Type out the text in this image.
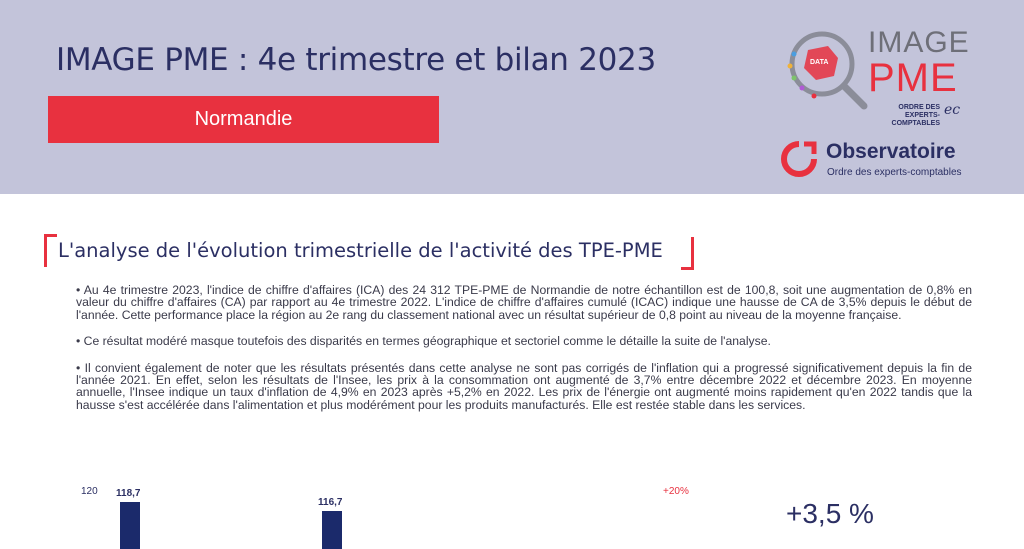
IMAGE PME : 4e trimestre et bilan 2023
Normandie
DATA
IMAGE
PME
ORDRE DES EXPERTS-COMPTABLES
ec
Observatoire
Ordre des experts-comptables
L'analyse de l'évolution trimestrielle de l'activité des TPE-PME

• Au 4e trimestre 2023, l'indice de chiffre d'affaires (ICA) des 24 312 TPE-PME de Normandie de notre échantillon est de 100,8, soit une augmentation de 0,8% en valeur du chiffre d'affaires (CA) par rapport au 4e trimestre 2022. L'indice de chiffre d'affaires cumulé (ICAC) indique une hausse de CA de 3,5% depuis le début de l'année. Cette performance place la région au 2e rang du classement national avec un résultat supérieur de 0,8 point au niveau de la moyenne française.

• Ce résultat modéré masque toutefois des disparités en termes géographique et sectoriel comme le détaille la suite de l'analyse.

• Il convient également de noter que les résultats présentés dans cette analyse ne sont pas corrigés de l'inflation qui a progressé significativement depuis la fin de l'année 2021. En effet, selon les résultats de l'Insee, les prix à la consommation ont augmenté de 3,7% entre décembre 2022 et décembre 2023. En moyenne annuelle, l'Insee indique un taux d'inflation de 4,9% en 2023 après +5,2% en 2022. Les prix de l'énergie ont augmenté moins rapidement qu'en 2022 tandis que la hausse s'est accélérée dans l'alimentation et plus modérément pour les produits manufacturés. Elle est restée stable dans les services.

120 118,7
116,7
+20%
+3,5 %
